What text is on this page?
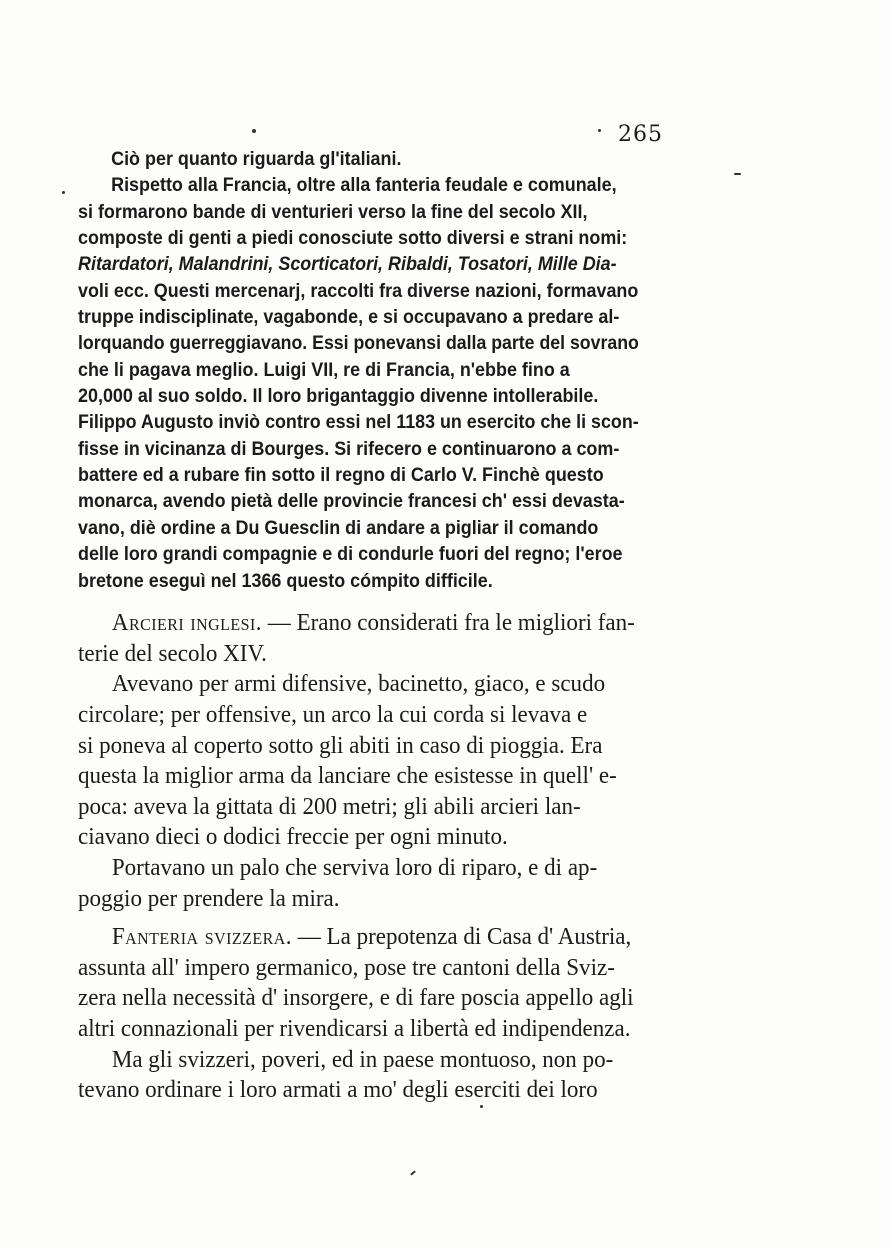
265

Ciò per quanto riguarda gl'italiani.

Rispetto alla Francia, oltre alla fanteria feudale e comunale,

si formarono bande di venturieri verso la fine del secolo XII,

composte di genti a piedi conosciute sotto diversi e strani nomi:

Ritardatori, Malandrini, Scorticatori, Ribaldi, Tosatori, Mille Dia-

voli ecc. Questi mercenarj, raccolti fra diverse nazioni, formavano

truppe indisciplinate, vagabonde, e si occupavano a predare al-

lorquando guerreggiavano. Essi ponevansi dalla parte del sovrano

che li pagava meglio. Luigi VII, re di Francia, n'ebbe fino a

20,000 al suo soldo. Il loro brigantaggio divenne intollerabile.

Filippo Augusto inviò contro essi nel 1183 un esercito che li scon-

fisse in vicinanza di Bourges. Si rifecero e continuarono a com-

battere ed a rubare fin sotto il regno di Carlo V. Finchè questo

monarca, avendo pietà delle provincie francesi ch' essi devasta-

vano, diè ordine a Du Guesclin di andare a pigliar il comando

delle loro grandi compagnie e di condurle fuori del regno; l'eroe

bretone eseguì nel 1366 questo cómpito difficile.

Arcieri inglesi. — Erano considerati fra le migliori fan-

terie del secolo XIV.

Avevano per armi difensive, bacinetto, giaco, e scudo

circolare; per offensive, un arco la cui corda si levava e

si poneva al coperto sotto gli abiti in caso di pioggia. Era

questa la miglior arma da lanciare che esistesse in quell' e-

poca: aveva la gittata di 200 metri; gli abili arcieri lan-

ciavano dieci o dodici freccie per ogni minuto.

Portavano un palo che serviva loro di riparo, e di ap-

poggio per prendere la mira.

Fanteria svizzera. — La prepotenza di Casa d' Austria,

assunta all' impero germanico, pose tre cantoni della Sviz-

zera nella necessità d' insorgere, e di fare poscia appello agli

altri connazionali per rivendicarsi a libertà ed indipendenza.

Ma gli svizzeri, poveri, ed in paese montuoso, non po-

tevano ordinare i loro armati a mo' degli eserciti dei loro
